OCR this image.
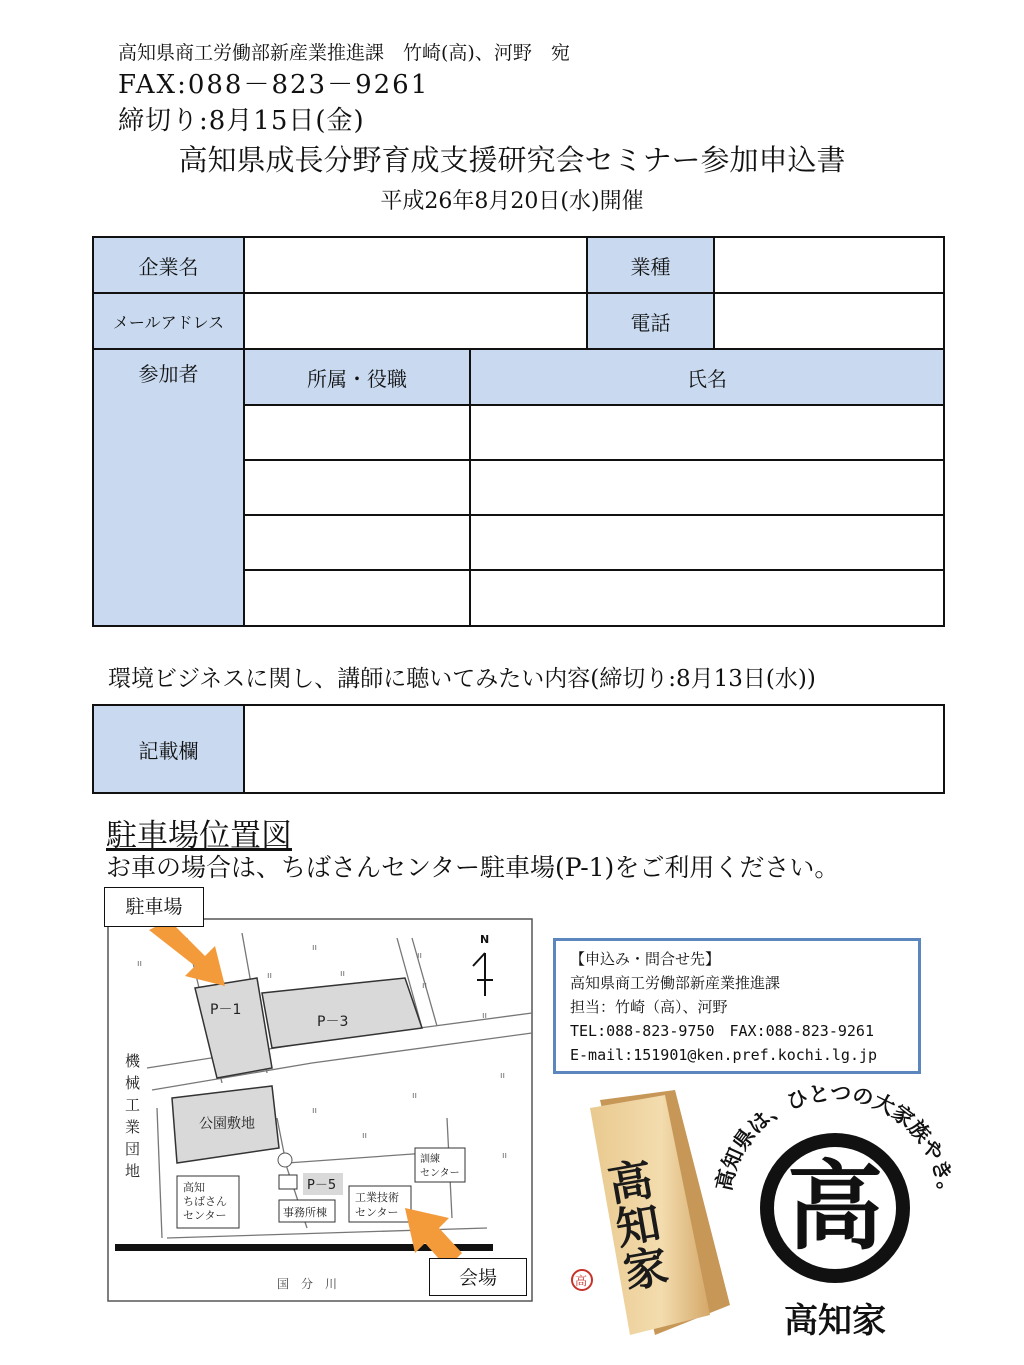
高知県商工労働部新産業推進課　竹崎(高)、河野　宛
FAX:088－823－9261
締切り:8月15日(金)
高知県成長分野育成支援研究会セミナー参加申込書
平成26年8月20日(水)開催
企業名			業種	
メールアドレス			電話	
参加者	所属・役職	氏名		

環境ビジネスに関し、講師に聴いてみたい内容(締切り:8月13日(水))
記載欄	
駐車場位置図
お車の場合は、ちばさんセンター駐車場(P-1)をご利用ください。
ıı
ıı
ıı	ıı
ıı
ıı
ıı
ıı
ıı
ıı
ıı
ıı
P－1
P－3
公園敷地
機
械
工
業
団
地
高知
ちばさん
センター
P－5
事務所棟
工業技術
センター
訓練
センター
国　分　川
N
駐車場
会場
【申込み・問合せ先】
高知県商工労働部新産業推進課
担当：竹崎（高）、河野
TEL:088-823-9750　FAX:088-823-9261
E-mail:151901@ken.pref.kochi.lg.jp
高知家
高
高知県は、ひとつの大家族やき。
高
高知家
